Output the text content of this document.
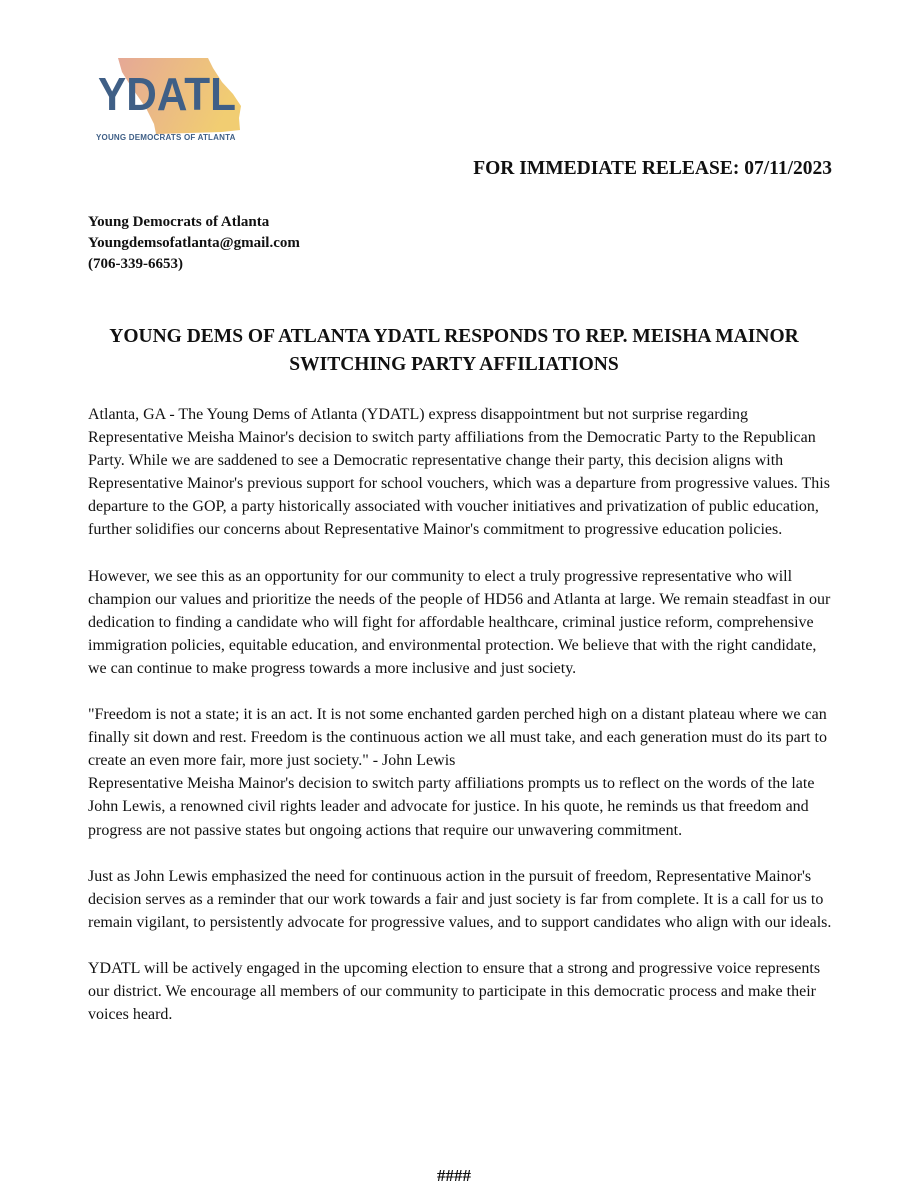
YDATL
YOUNG DEMOCRATS OF ATLANTA
FOR IMMEDIATE RELEASE: 07/11/2023
Young Democrats of Atlanta
Youngdemsofatlanta@gmail.com
(706-339-6653)
YOUNG DEMS OF ATLANTA YDATL RESPONDS TO REP. MEISHA MAINOR
SWITCHING PARTY AFFILIATIONS

Atlanta, GA - The Young Dems of Atlanta (YDATL) express disappointment but not surprise regarding Representative Meisha Mainor's decision to switch party affiliations from the Democratic Party to the Republican Party. While we are saddened to see a Democratic representative change their party, this decision aligns with Representative Mainor's previous support for school vouchers, which was a departure from progressive values. This departure to the GOP, a party historically associated with voucher initiatives and privatization of public education, further solidifies our concerns about Representative Mainor's commitment to progressive education policies.

However, we see this as an opportunity for our community to elect a truly progressive representative who will champion our values and prioritize the needs of the people of HD56 and Atlanta at large. We remain steadfast in our dedication to finding a candidate who will fight for affordable healthcare, criminal justice reform, comprehensive immigration policies, equitable education, and environmental protection. We believe that with the right candidate, we can continue to make progress towards a more inclusive and just society.

"Freedom is not a state; it is an act. It is not some enchanted garden perched high on a distant plateau where we can finally sit down and rest. Freedom is the continuous action we all must take, and each generation must do its part to create an even more fair, more just society." - John Lewis

Representative Meisha Mainor's decision to switch party affiliations prompts us to reflect on the words of the late John Lewis, a renowned civil rights leader and advocate for justice. In his quote, he reminds us that freedom and progress are not passive states but ongoing actions that require our unwavering commitment.

Just as John Lewis emphasized the need for continuous action in the pursuit of freedom, Representative Mainor's decision serves as a reminder that our work towards a fair and just society is far from complete. It is a call for us to remain vigilant, to persistently advocate for progressive values, and to support candidates who align with our ideals.

YDATL will be actively engaged in the upcoming election to ensure that a strong and progressive voice represents our district. We encourage all members of our community to participate in this democratic process and make their voices heard.

####
